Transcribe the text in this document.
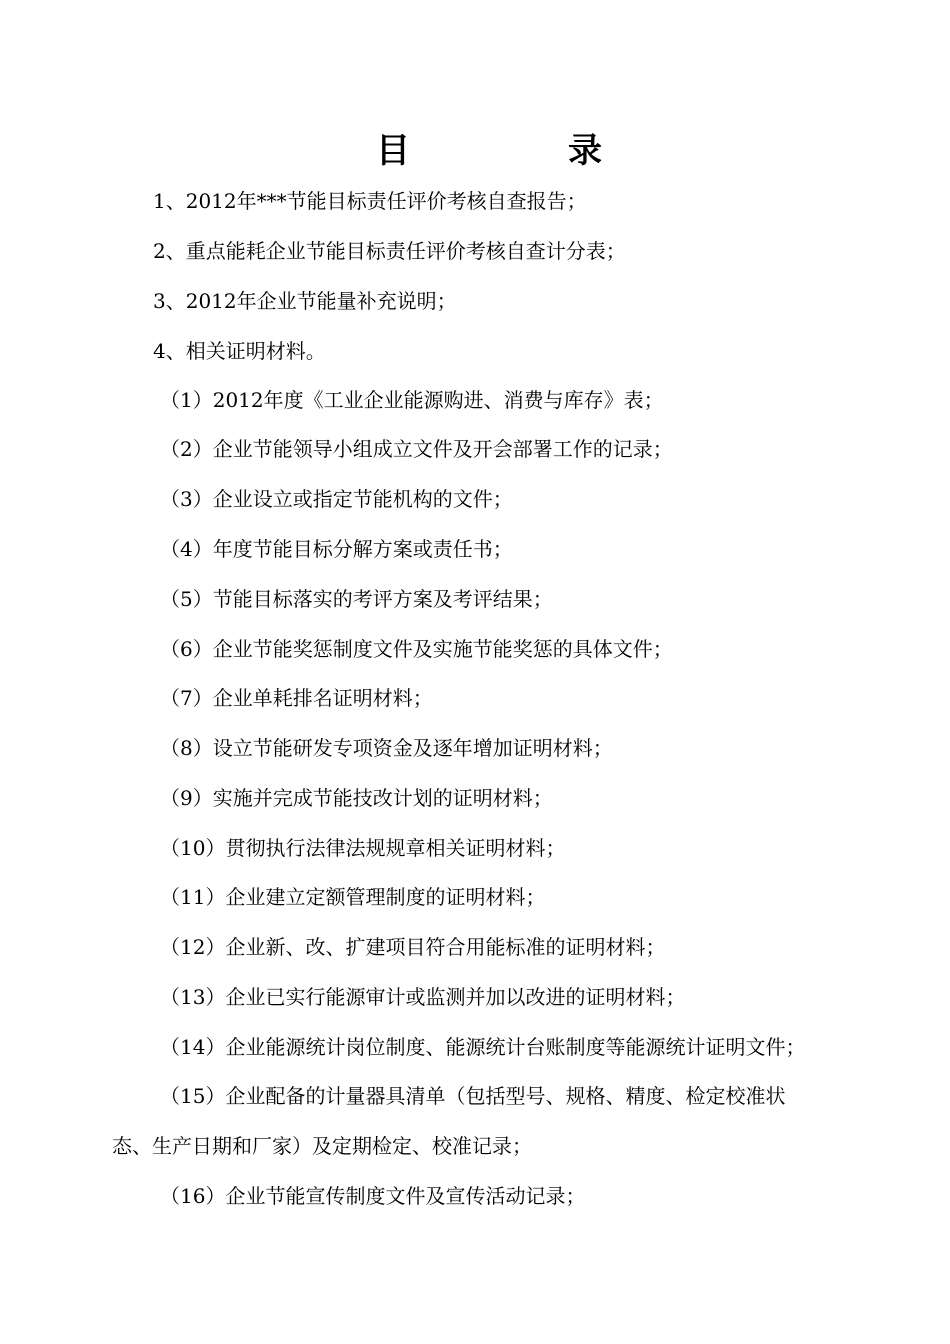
目　录
1、2012年***节能目标责任评价考核自查报告；
2、重点能耗企业节能目标责任评价考核自查计分表；
3、2012年企业节能量补充说明；
4、相关证明材料。
（1）2012年度《工业企业能源购进、消费与库存》表；
（2）企业节能领导小组成立文件及开会部署工作的记录；
（3）企业设立或指定节能机构的文件；
（4）年度节能目标分解方案或责任书；
（5）节能目标落实的考评方案及考评结果；
（6）企业节能奖惩制度文件及实施节能奖惩的具体文件；
（7）企业单耗排名证明材料；
（8）设立节能研发专项资金及逐年增加证明材料；
（9）实施并完成节能技改计划的证明材料；
（10）贯彻执行法律法规规章相关证明材料；
（11）企业建立定额管理制度的证明材料；
（12）企业新、改、扩建项目符合用能标准的证明材料；
（13）企业已实行能源审计或监测并加以改进的证明材料；
（14）企业能源统计岗位制度、能源统计台账制度等能源统计证明文件；
（15）企业配备的计量器具清单（包括型号、规格、精度、检定校准状
态、生产日期和厂家）及定期检定、校准记录；
（16）企业节能宣传制度文件及宣传活动记录；
